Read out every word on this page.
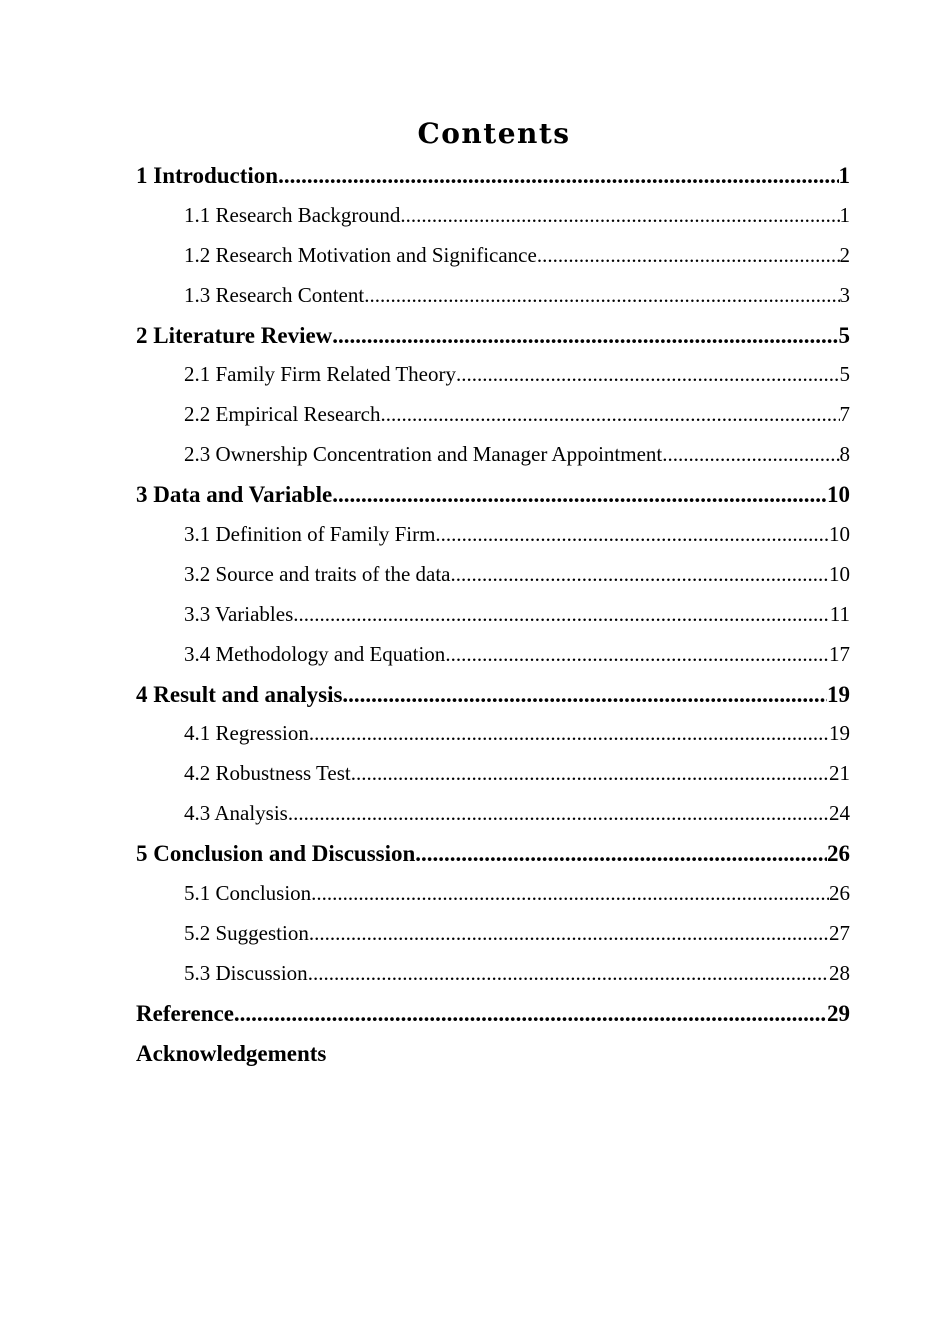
Contents
1 Introduction .....	1
1.1 Research Background .....	1
1.2 Research Motivation and Significance .....	2
1.3 Research Content .....	3
2 Literature Review .....	5
2.1 Family Firm Related Theory .....	5
2.2 Empirical Research .....	7
2.3 Ownership Concentration and Manager Appointment .....	8
3 Data and Variable .....	10
3.1 Definition of Family Firm .....	10
3.2 Source and traits of the data .....	10
3.3 Variables .....	11
3.4 Methodology and Equation .....	17
4 Result and analysis .....	19
4.1 Regression .....	19
4.2 Robustness Test .....	21
4.3 Analysis .....	24
5 Conclusion and Discussion .....	26
5.1 Conclusion .....	26
5.2 Suggestion .....	27
5.3 Discussion .....	28
Reference .....	29
Acknowledgements
